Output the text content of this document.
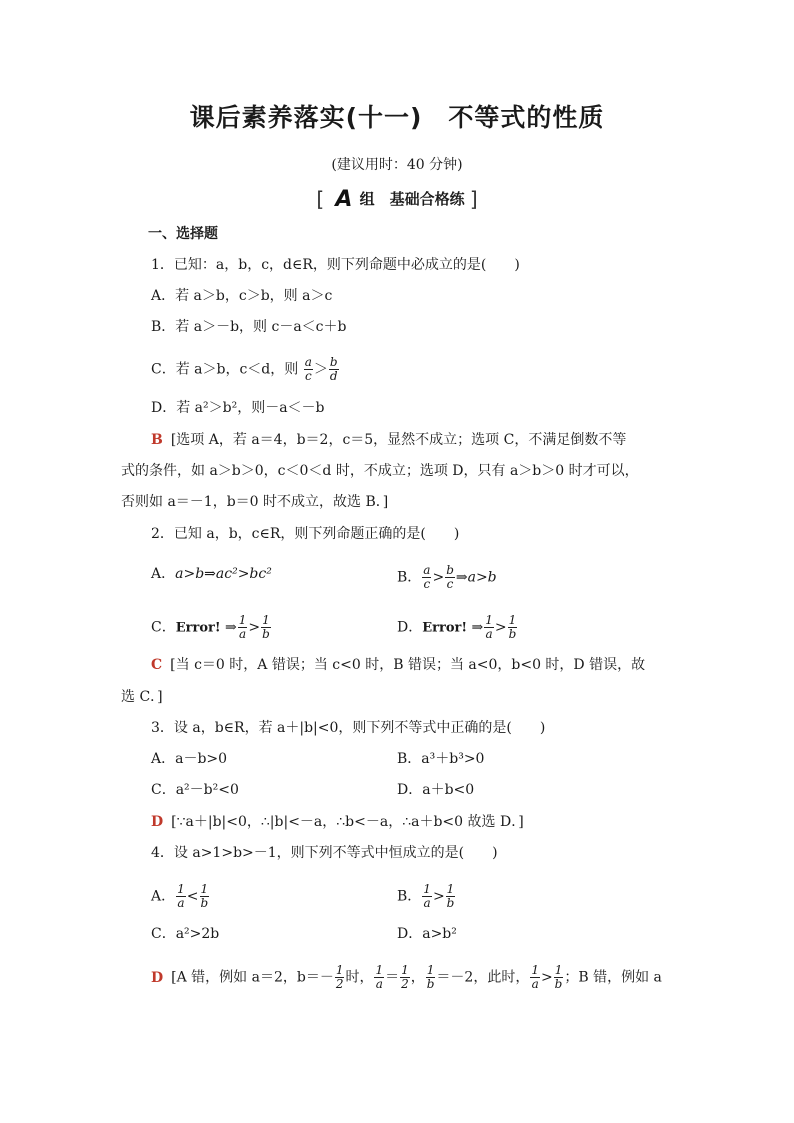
课后素养落实(十一) 不等式的性质
(建议用时：40 分钟)
[ A 组　基础合格练 ]
一、选择题
1．已知：a，b，c，d∈R，则下列命题中必成立的是(　　)
A．若 a＞b，c＞b，则 a＞c
B．若 a＞－b，则 c－a＜c＋b
C．若 a＞b，c＜d，则 $\frac{a}{c} > \frac{b}{d}$
D．若 a²＞b²，则－a＜－b
B [选项 A，若 a＝4，b＝2，c＝5，显然不成立；选项 C，不满足倒数不等
式的条件，如 a＞b＞0，c＜0＜d 时，不成立；选项 D，只有 a＞b＞0 时才可以，
否则如 a＝－1，b＝0 时不成立，故选 B．]
2．已知 a，b，c∈R，则下列命题正确的是(　　)
A．a>b⇒ac²>bc²	B． $\frac{a}{c} > \frac{b}{c}$ ⇒a>b
C．Error! ⇒ $\frac{1}{a} > \frac{1}{b}$	D．Error! ⇒ $\frac{1}{a} > \frac{1}{b}$
C [当 c＝0 时，A 错误；当 c<0 时，B 错误；当 a<0，b<0 时，D 错误，故
选 C．]
3．设 a，b∈R，若 a＋|b|<0，则下列不等式中正确的是(　　)
A．a－b>0	B．a³＋b³>0
C．a²－b²<0	D．a＋b<0
D [∵a＋|b|<0，∴|b|<－a，∴b<－a，∴a＋b<0 故选 D．]
4．设 a>1>b>－1，则下列不等式中恒成立的是(　　)
A． $\frac{1}{a} < \frac{1}{b}$	B． $\frac{1}{a} > \frac{1}{b}$
C．a²>2b	D．a>b²
D [A 错，例如 a＝2，$b=- \frac{1}{2}$ 时， $\frac{1}{a} = \frac{1}{2}$ ， $\frac{1}{b} =-2$，此时， $\frac{1}{a} > \frac{1}{b}$ ；B 错，例如 a
